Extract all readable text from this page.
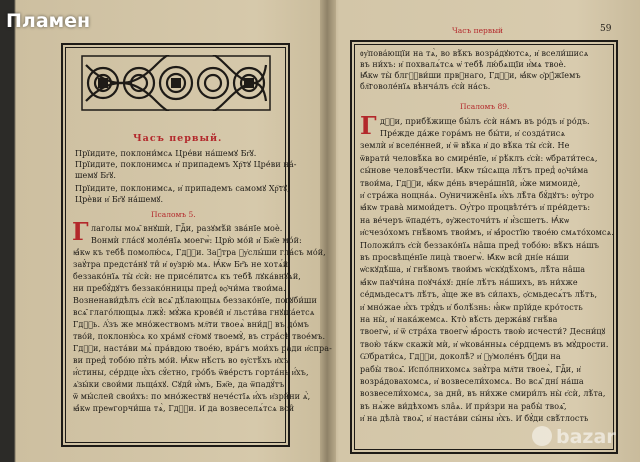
Чaсъ пeрвый.
Прїидитe, поклони́мсѧ Цре́ви на́шемꙋ Бг҃ꙋ.
Прїидите, поклонимсѧ и҆ припадемъ Хр҇тꙋ Цре́ви на́-
шемꙋ Бг҃ꙋ.
Прїидите, поклонимсѧ, и҆ припадемъ самомꙋ Хр҇тꙋ,
Црѐви и҆ Бг҃ꙋ на́шемꙋ.
Псаломъ 5.
Г лаголы моѧ̑ внꙋшѝ, Гдⷭ҇и, разꙋмѣ́й зва́нїе моѐ.
Вонмѝ гла́сꙋ моле́нїѧ моегѡ̀: Црю̀ мо́й и҆ Бж҃е мо́й:
ꙗ҆́кѡ къ тебѣ̀ помолю́сѧ, Гдⷭ҇и. Заꙋ́тра ᲂу҆слы́ши гла́съ мо́й,
заꙋ́тра предста́нꙋ ти̑ и҆ ᲂу҆зрю́ мѧ. Ꙗ҆́кѡ Бг҃ъ не хотѧ́й
беззако́нїѧ ты̀ є҆сѝ: не присе́литсѧ къ тебѣ̀ лꙋка́внꙋѧй,
ни пребꙋ́дꙋтъ беззако́нницы пред̾ ᲂѻ҆чи́ма твои́ма.
Возненави́дѣлъ є҆сѝ всѧ̑ дѣ́лающыѧ беззако́нїе, погꙋби́ши
всѧ̑ глаго́лющыѧ лжꙋ̀: мꙋ́жа кровє́й и҆ льсти́ва гнꙋша́етсѧ
Гдⷭ҇ь. А҆́зъ же мно́жествомъ мл҇ти твоеѧ̀ вни́дꙋ въ до́мъ
тво́й, поклоню́сѧ ко хра́мꙋ ст҇омꙋ твоемꙋ̀, въ стра́сѣ твое́мъ.
Гдⷭ҇и, наста́ви мѧ̀ пра́вдою твое́ю, вра́гъ мои́хъ ра́ди и҆спра-
ви пред̾ тобо́ю пꙋ́ть мо́й. Ꙗ҆́кѡ нѣ́сть во ᲂу҆стѣ́хъ и҆хъ
и҆́стины, се́рдце и҆́хъ сꙋ́єтно, гро́бъ ѿве́рстъ горта́нь и҆́хъ,
ѧ҆зы́ки свои́ми льща́хꙋ. Сꙋди̑ и҆̀мъ, Бж҃е, да ѿпадꙋ́тъ
ѿ мы́слей свои́хъ: по мно́жествꙋ нече́стїѧ и҆́хъ и҆зри́ни ѧ҆̀,
ꙗ҆́кѡ преѡгорчи́ша тѧ̀, Гдⷭ҇и. И҆ да возвеселѧ́тсѧ вси̑
Чaсъ пeрвый	59
ᲂу҆пова́ющїи на тѧ̀, во вѣ́къ возра́дꙋютсѧ, и҆ всели́шисѧ
въ ни́хъ: и҆ похвалѧ́тсѧ ѡ҆ тебѣ̀ лю́бѧщїи и҆́мѧ твоѐ.
Ꙗ҆́кѡ ты̀ блгⷭ҇ви́ши првⷣнаго, Гдⷭ҇и, ꙗ҆́кѡ ѻ҆рꙋ́жїемъ
бл҇говоле́нїѧ вѣнча́лъ є҆сѝ на́съ.
Псаломъ 89.
Г дⷭ҇и, прибѣ́жище бы́лъ є҆сѝ на́мъ въ ро́дъ и҆ ро́дъ.
Пре́жде да́же гора́мъ не бы́ти, и҆ созда́тисѧ
землѝ и҆ вселе́нней, и҆ ѿ вѣ́ка и҆ до вѣ́ка ты̀ є҆сѝ. Не
ѿврати́ человѣ́ка во смире́нїе, и҆ рѣ́клъ є҆сѝ: ѡ҆брати́тесѧ,
сы́нове человѣ́честїи. Ꙗ҆́кѡ ты́сѧща лѣ́тъ пред̾ ᲂѻ҆чи́ма
твои́ма, Гдⷭ҇и, ꙗ҆́кѡ де́нь вчера́шнїй, и҆́же мимоидѐ,
и҆ стра́жа нощна́ѧ. Оу҆ничиже̑нїѧ и҆́хъ лѣ̑та бꙋ́дꙋтъ: ᲂу҆́тро
ꙗ҆́кѡ трава̀ мимои́детъ. Оу҆́тро процвѣте́тъ и҆ пре́йдетъ:
на ве́черъ ѿпаде́тъ, ᲂу҆жесточи́тъ и҆ и҆́зсшетъ. Ꙗ҆́кѡ
и҆счезо́хомъ гнѣ́вомъ твои́мъ, и҆ ꙗ҆́ростїю твое́ю смѧто́хомсѧ.
Положи́лъ є҆сѝ беззако́нїѧ на̑ша пред̾ тобо́ю: вѣ́къ на́шъ
въ просвѣще́нїе лица̀ твоегѡ̀. Ꙗ҆́кѡ вси̑ дні́е на́ши
ѡ҆скꙋдѣ́ша, и҆ гнѣ́вомъ твои́мъ ѡ҆скꙋдѣ́хомъ, лѣ̑та на̑ша
ꙗ҆́кѡ паꙋчи́на поꙋча́хꙋ: дні́е лѣ́тъ на́шихъ, въ ни́хже
се́дмьдесѧтъ лѣ́тъ, а҆́ще же въ си́лахъ, ѻ҆смьдесѧ́тъ лѣ́тъ,
и҆ мно́жае и҆́хъ трꙋ́дъ и҆ болѣ́знь: ꙗ҆́кѡ прїи́де кро́тость
на ны̀, и҆ нака́жемсѧ. Кто̀ вѣ́сть держа́вꙋ гнѣ́ва
твоегѡ̀, и҆ ѿ стра́ха твоегѡ̀ ꙗ҆́рость твою̀ исчести́? Десни́цꙋ
твою̀ та́кѡ скажѝ мѝ, и҆ ѡ҆кова́нныѧ се́рдцемъ въ мꙋ́дрости.
Ѡ҆брати́сѧ, Гдⷭ҇и, доколѣ̀? и҆ ᲂу҆моле́нъ бꙋ́ди на
рабы̀ твоѧ̑. И҆спо́лнихомсѧ заꙋ́тра мл҇ти твоеѧ̀, Гдⷭ҇и, и҆
возра́довахомсѧ, и҆ возвесели́хомсѧ. Во всѧ̑ дні́ на́ша
возвесели́хомсѧ, за дни̑, въ ни́хже смири́лъ ны̀ є҆сѝ, лѣ́та,
въ нѧ̀же ви́дѣхомъ ѕла̑ѧ. И҆ при́зри на рабы̀ твоѧ̑,
и҆ на дѣла̀ твоѧ̑, и҆ наста́ви сы́ны и҆́хъ. И҆ бꙋ́ди свѣ́тлость
Пламен
bazar
